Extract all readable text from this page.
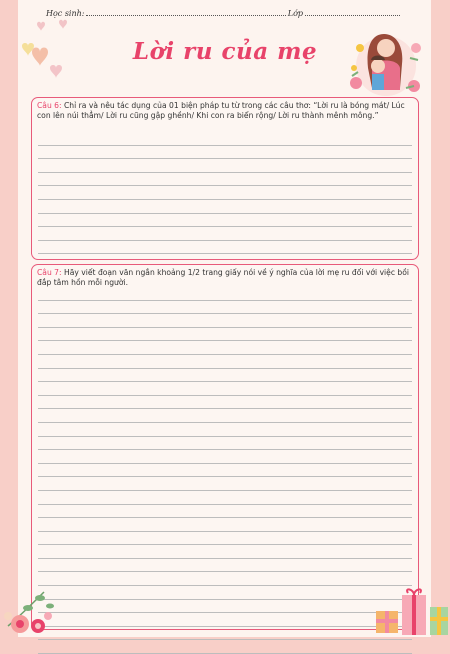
Học sinh:	Lớp
Lời ru của mẹ
Câu 6: Chỉ ra và nêu tác dụng của 01 biện pháp tu từ trong các câu thơ: “Lời ru là bóng mát/ Lúc con lên núi thẳm/ Lời ru cũng gập ghềnh/ Khi con ra biển rộng/ Lời ru thành mênh mông.”
Câu 7: Hãy viết đoạn văn ngắn khoảng 1/2 trang giấy nói về ý nghĩa của lời mẹ ru đối với việc bồi đắp tâm hồn mỗi người.
